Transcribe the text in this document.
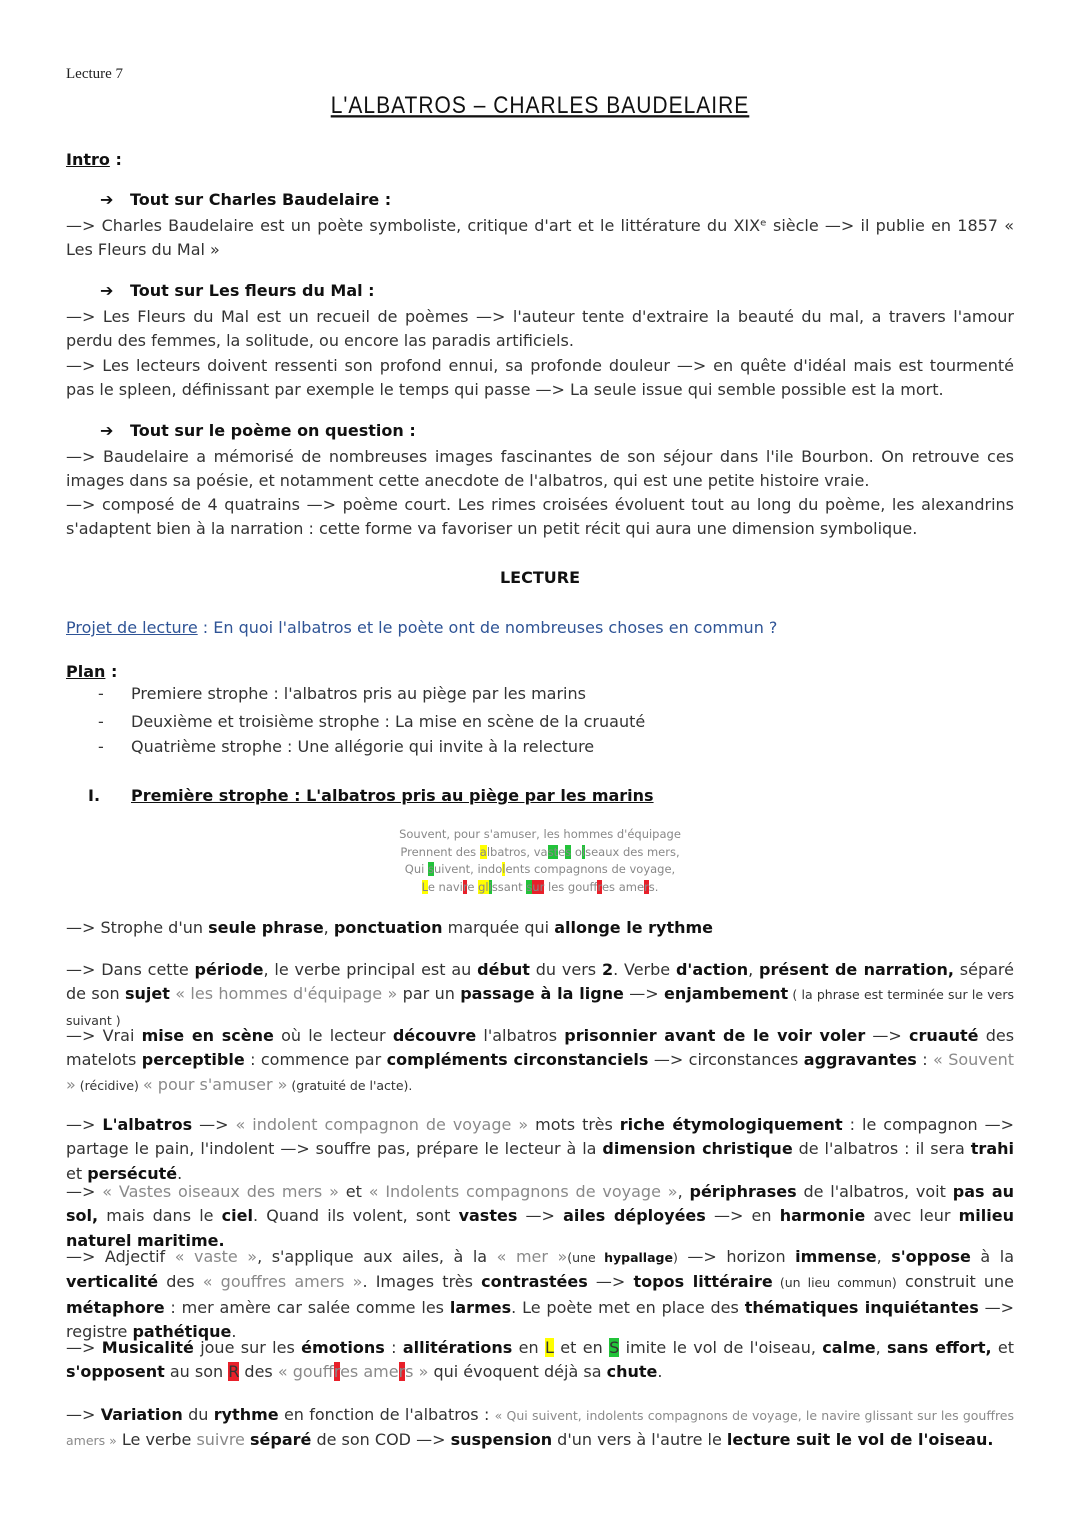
Lecture 7
L'ALBATROS – CHARLES BAUDELAIRE
Intro :
➔ Tout sur Charles Baudelaire :
—> Charles Baudelaire est un poète symboliste, critique d'art et le littérature du XIXᵉ siècle —> il publie en 1857 « Les Fleurs du Mal »
➔ Tout sur Les fleurs du Mal :
—> Les Fleurs du Mal est un recueil de poèmes —> l'auteur tente d'extraire la beauté du mal, a travers l'amour perdu des femmes, la solitude, ou encore las paradis artificiels.
—> Les lecteurs doivent ressenti son profond ennui, sa profonde douleur —> en quête d'idéal mais est tourmenté pas le spleen, définissant par exemple le temps qui passe —> La seule issue qui semble possible est la mort.
➔ Tout sur le poème on question :
—> Baudelaire a mémorisé de nombreuses images fascinantes de son séjour dans l'ile Bourbon. On retrouve ces images dans sa poésie, et notamment cette anecdote de l'albatros, qui est une petite histoire vraie.
—> composé de 4 quatrains —> poème court. Les rimes croisées évoluent tout au long du poème, les alexandrins s'adaptent bien à la narration : cette forme va favoriser un petit récit qui aura une dimension symbolique.
LECTURE
Projet de lecture : En quoi l'albatros et le poète ont de nombreuses choses en commun ?
Plan :
- Premiere strophe : l'albatros pris au piège par les marins
- Deuxième et troisième strophe : La mise en scène de la cruauté
- Quatrième strophe : Une allégorie qui invite à la relecture
I. Première strophe : L'albatros pris au piège par les marins
Souvent, pour s'amuser, les hommes d'équipage
Prennent des albatros, vastes oiseaux des mers,
Qui suivent, indolents compagnons de voyage,
Le navire glissant sur les gouffres amers.
—> Strophe d'un seule phrase, ponctuation marquée qui allonge le rythme
—> Dans cette période, le verbe principal est au début du vers 2. Verbe d'action, présent de narration, séparé de son sujet « les hommes d'équipage » par un passage à la ligne —> enjambement ( la phrase est terminée sur le vers suivant )
—> Vrai mise en scène où le lecteur découvre l'albatros prisonnier avant de le voir voler —> cruauté des matelots perceptible : commence par compléments circonstanciels —> circonstances aggravantes : « Souvent » (récidive) « pour s'amuser » (gratuité de l'acte).
—> L'albatros —> « indolent compagnon de voyage » mots très riche étymologiquement : le compagnon —> partage le pain, l'indolent —> souffre pas, prépare le lecteur à la dimension christique de l'albatros : il sera trahi et persécuté.
—> « Vastes oiseaux des mers » et « Indolents compagnons de voyage », périphrases de l'albatros, voit pas au sol, mais dans le ciel. Quand ils volent, sont vastes —> ailes déployées —> en harmonie avec leur milieu naturel maritime.
—> Adjectif « vaste », s'applique aux ailes, à la « mer »(une hypallage) —> horizon immense, s'oppose à la verticalité des « gouffres amers ». Images très contrastées —> topos littéraire (un lieu commun) construit une métaphore : mer amère car salée comme les larmes. Le poète met en place des thématiques inquiétantes —> registre pathétique.
—> Musicalité joue sur les émotions : allitérations en L et en S imite le vol de l'oiseau, calme, sans effort, et s'opposent au son R des « gouffres amers » qui évoquent déjà sa chute.
—> Variation du rythme en fonction de l'albatros : « Qui suivent, indolents compagnons de voyage, le navire glissant sur les gouffres amers » Le verbe suivre séparé de son COD —> suspension d'un vers à l'autre le lecture suit le vol de l'oiseau.
